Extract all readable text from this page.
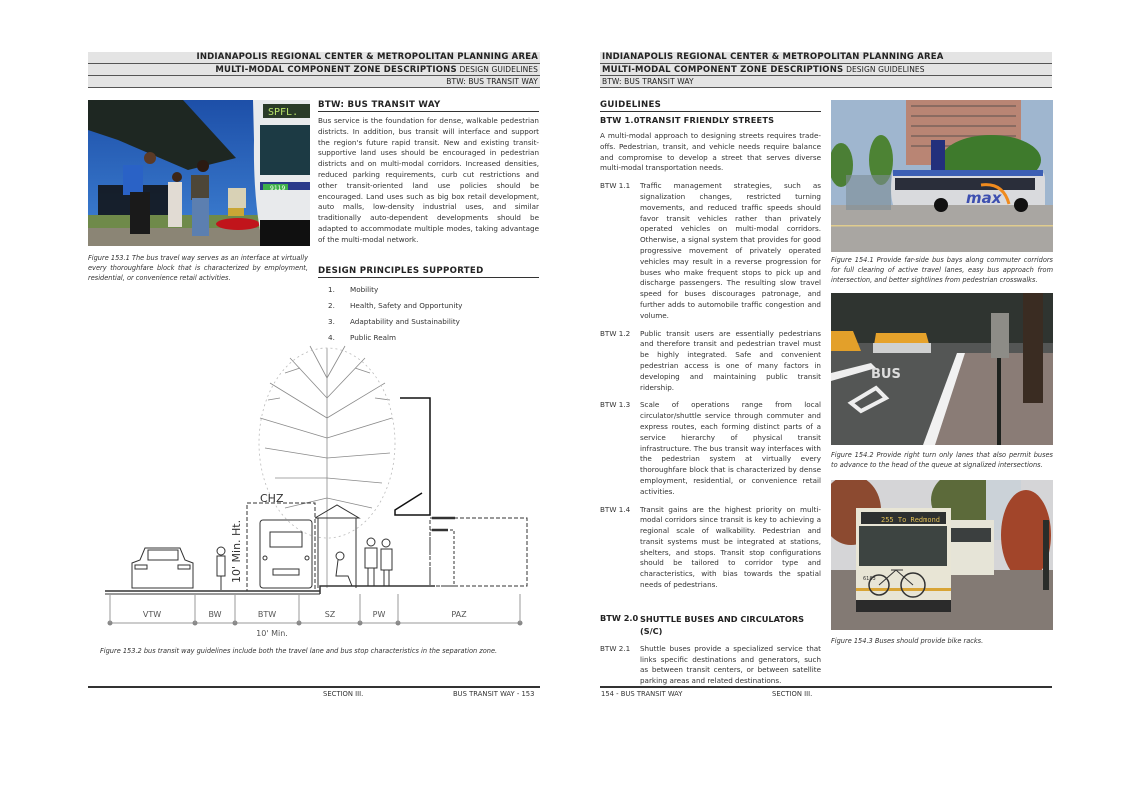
INDIANAPOLIS REGIONAL CENTER & METROPOLITAN PLANNING AREA
MULTI-MODAL COMPONENT ZONE DESCRIPTIONS DESIGN GUIDELINES
BTW: BUS TRANSIT WAY
SPFL.
9119
BTW: BUS TRANSIT WAY
Bus service is the foundation for dense, walkable pedestrian districts. In addition, bus transit will interface and support the region's future rapid transit. New and existing transit-supportive land uses should be encouraged in pedestrian districts and on multi-modal corridors. Increased densities, reduced parking requirements, curb cut restrictions and other transit-oriented land use policies should be encouraged. Land uses such as big box retail development, auto malls, low-density industrial uses, and similar traditionally auto-dependent developments should be adapted to accommodate multiple modes, taking advantage of the multi-modal network.
Figure 153.1 The bus travel way serves as an interface at virtually every thoroughfare block that is characterized by employment, residential, or convenience retail activities.
DESIGN PRINCIPLES SUPPORTED
1.	Mobility
2.	Health, Safety and Opportunity
3.	Adaptability and Sustainability
4.	Public Realm
CHZ
10' Min. Ht.
VTW	BW	BTW	SZ	PW	PAZ
10' Min.
Figure 153.2 bus transit way guidelines include both the travel lane and bus stop characteristics in the separation zone.
SECTION III.	BUS TRANSIT WAY - 153
INDIANAPOLIS REGIONAL CENTER & METROPOLITAN PLANNING AREA
MULTI-MODAL COMPONENT ZONE DESCRIPTIONS DESIGN GUIDELINES
BTW: BUS TRANSIT WAY
GUIDELINES
BTW 1.0TRANSIT FRIENDLY STREETS
A multi-modal approach to designing streets requires trade-offs. Pedestrian, transit, and vehicle needs require balance and compromise to develop a street that serves diverse multi-modal transportation needs.
BTW 1.1	Traffic management strategies, such as signalization changes, restricted turning movements, and reduced traffic speeds should favor transit vehicles rather than privately operated vehicles on multi-modal corridors. Otherwise, a signal system that provides for good progressive movement of privately operated vehicles may result in a reverse progression for buses who make frequent stops to pick up and discharge passengers. The resulting slow travel speed for buses discourages patronage, and further adds to automobile traffic congestion and volume.
BTW 1.2	Public transit users are essentially pedestrians and therefore transit and pedestrian travel must be highly integrated. Safe and convenient pedestrian access is one of many factors in developing and maintaining public transit ridership.
BTW 1.3	Scale of operations range from local circulator/shuttle service through commuter and express routes, each forming distinct parts of a service hierarchy of physical transit infrastructure. The bus transit way interfaces with the pedestrian system at virtually every thoroughfare block that is characterized by dense employment, residential, or convenience retail activities.
BTW 1.4	Transit gains are the highest priority on multi-modal corridors since transit is key to achieving a regional scale of walkability. Pedestrian and transit systems must be integrated at stations, shelters, and stops. Transit stop configurations should be tailored to corridor type and characteristics, with bias towards the spatial needs of pedestrians.
BTW 2.0 SHUTTLE BUSES AND CIRCULATORS (S/C)
BTW 2.1	Shuttle buses provide a specialized service that links specific destinations and generators, such as between transit centers, or between satellite parking areas and related destinations.
max
Figure 154.1 Provide far-side bus bays along commuter corridors for full clearing of active travel lanes, easy bus approach from intersection, and better sightlines from pedestrian crosswalks.
BUS
Figure 154.2 Provide right turn only lanes that also permit buses to advance to the head of the queue at signalized intersections.
255 To Redmond
6183
Figure 154.3 Buses should provide bike racks.
154 - BUS TRANSIT WAY	SECTION III.
